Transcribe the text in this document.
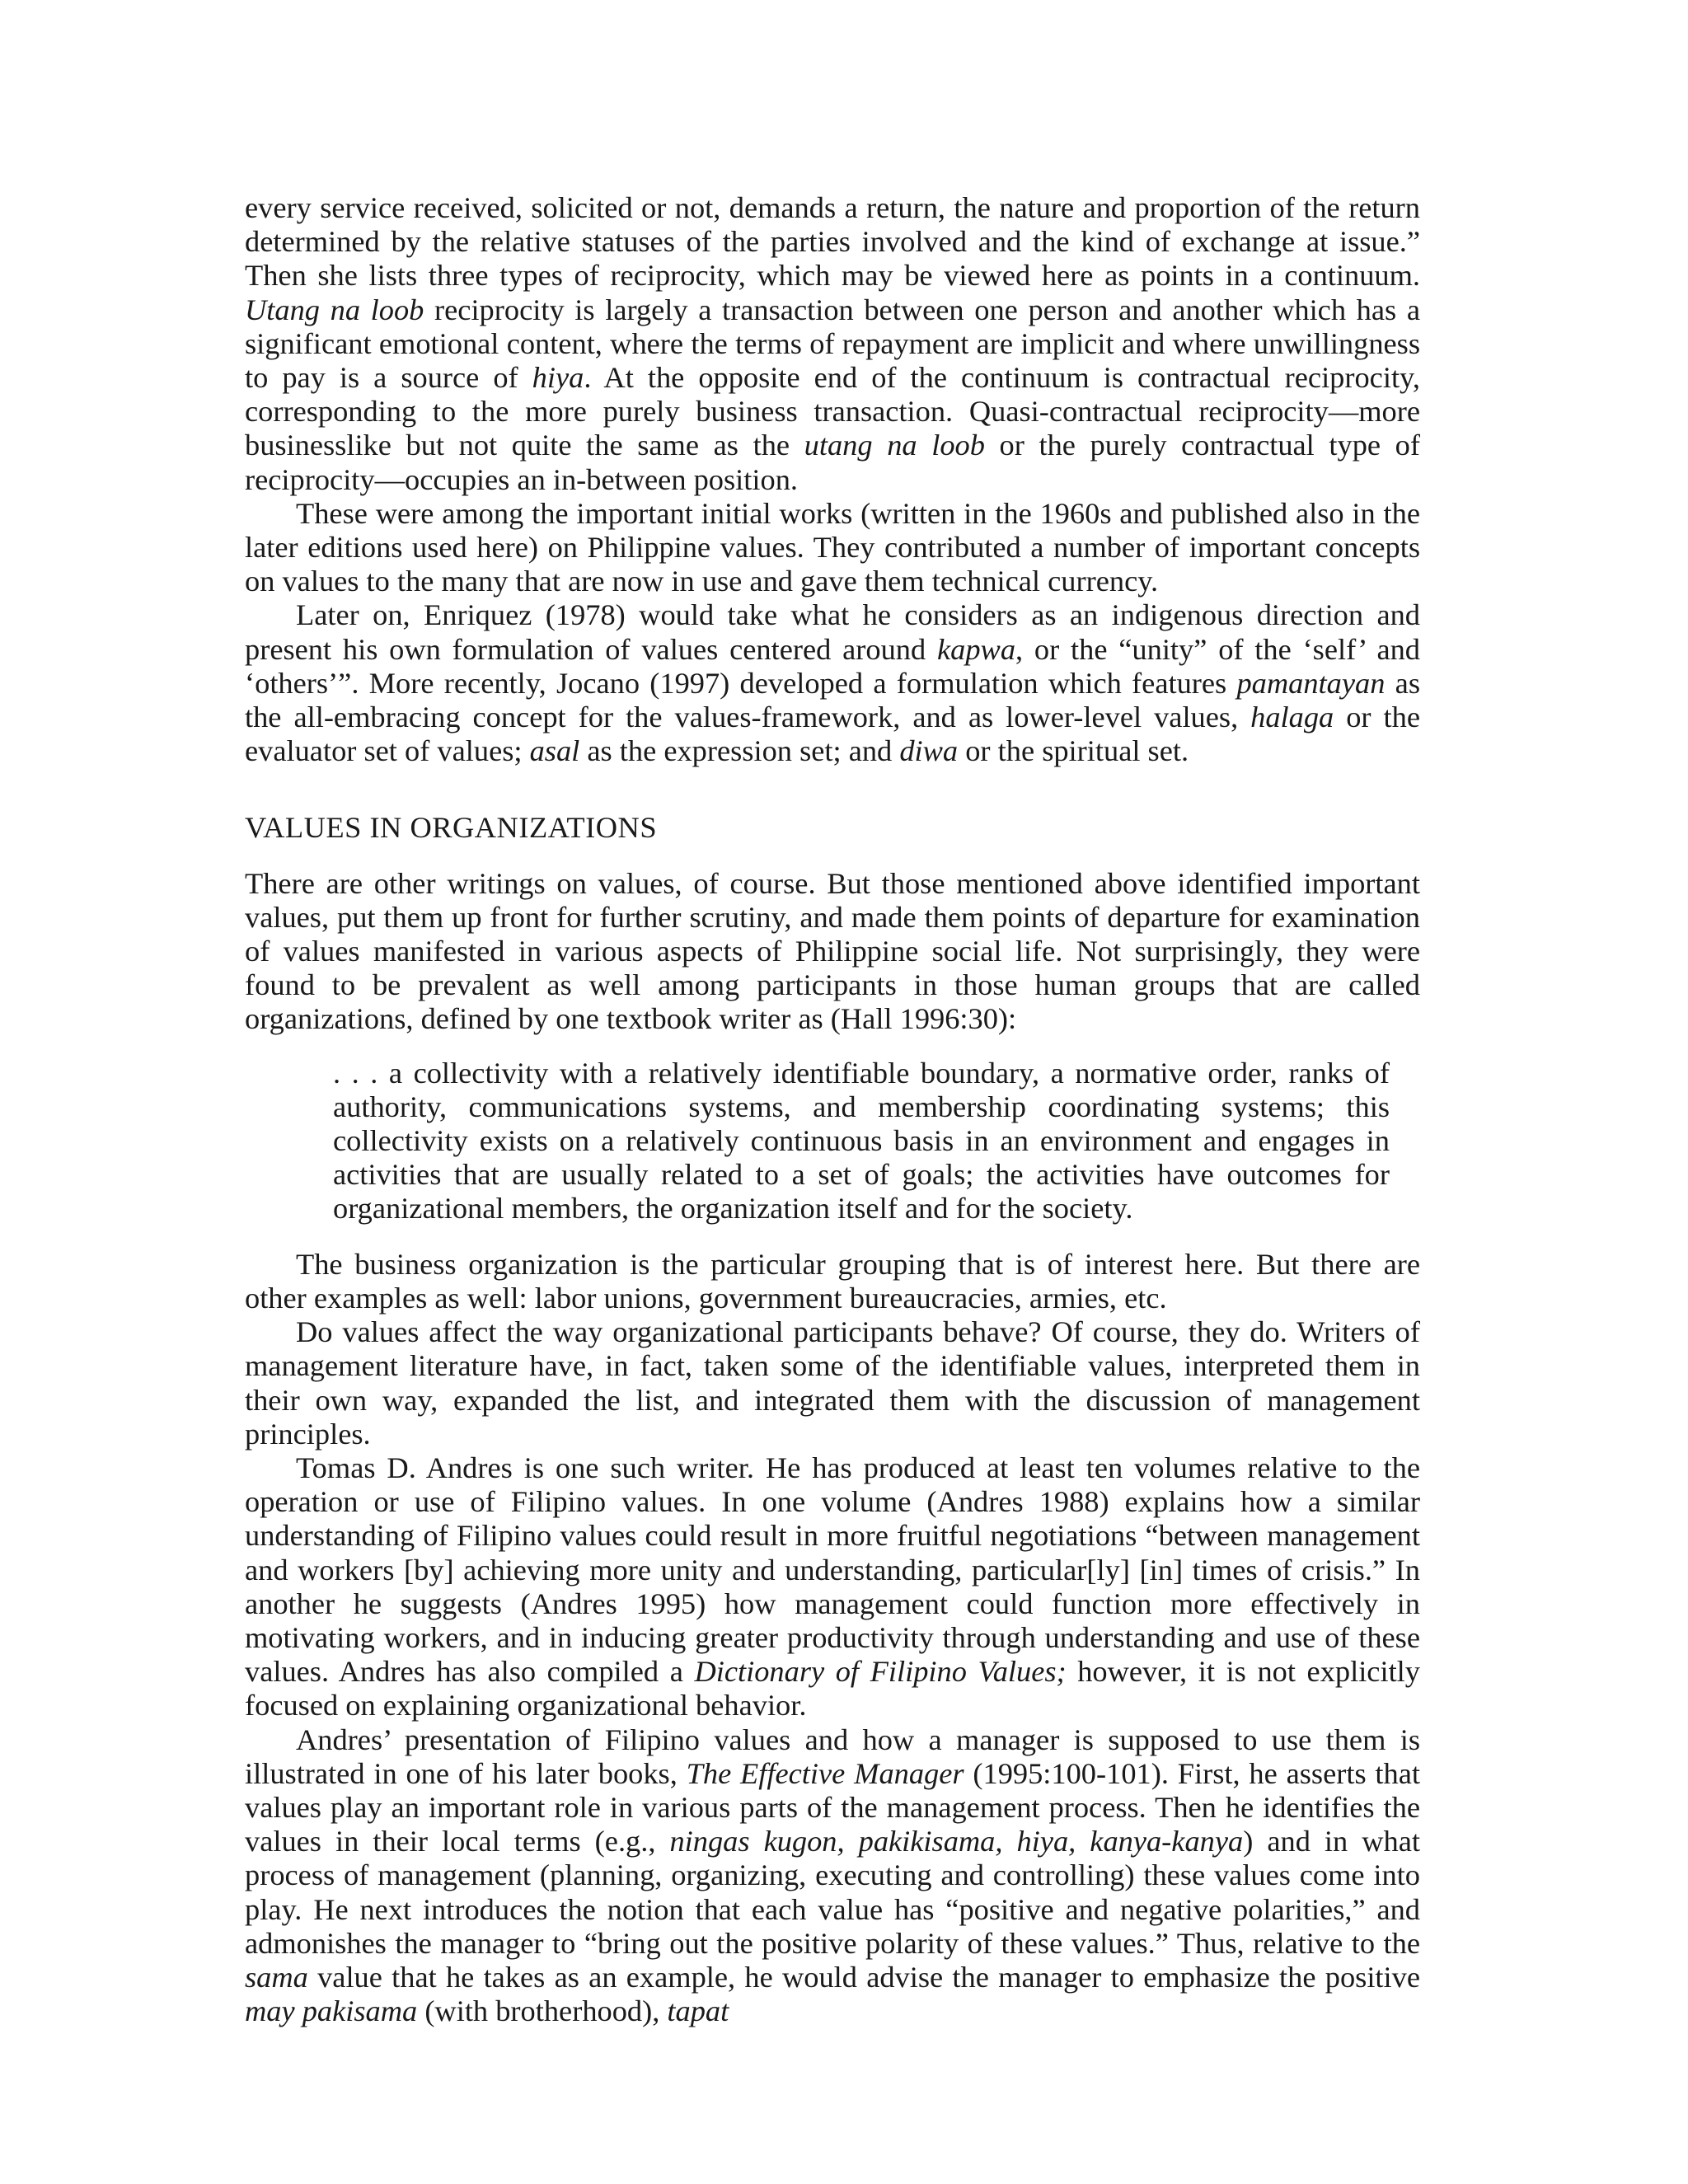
every service received, solicited or not, demands a return, the nature and proportion of the return determined by the relative statuses of the parties involved and the kind of exchange at issue.” Then she lists three types of reciprocity, which may be viewed here as points in a continuum. Utang na loob reciprocity is largely a transaction between one person and another which has a significant emotional content, where the terms of repayment are implicit and where unwillingness to pay is a source of hiya. At the opposite end of the continuum is contractual reciprocity, corresponding to the more purely business transaction. Quasi-contractual reciprocity—more businesslike but not quite the same as the utang na loob or the purely contractual type of reciprocity—occupies an in-between position.

These were among the important initial works (written in the 1960s and published also in the later editions used here) on Philippine values. They contributed a number of important concepts on values to the many that are now in use and gave them technical currency.

Later on, Enriquez (1978) would take what he considers as an indigenous direction and present his own formulation of values centered around kapwa, or the “unity” of the ‘self’ and ‘others’”. More recently, Jocano (1997) developed a formulation which features pamantayan as the all-embracing concept for the values-framework, and as lower-level values, halaga or the evaluator set of values; asal as the expression set; and diwa or the spiritual set.

VALUES IN ORGANIZATIONS

There are other writings on values, of course. But those mentioned above identified important values, put them up front for further scrutiny, and made them points of departure for examination of values manifested in various aspects of Philippine social life. Not surprisingly, they were found to be prevalent as well among participants in those human groups that are called organizations, defined by one textbook writer as (Hall 1996:30):

. . . a collectivity with a relatively identifiable boundary, a normative order, ranks of authority, communications systems, and membership coordinating systems; this collectivity exists on a relatively continuous basis in an environment and engages in activities that are usually related to a set of goals; the activities have outcomes for organizational members, the organization itself and for the society.

The business organization is the particular grouping that is of interest here. But there are other examples as well: labor unions, government bureaucracies, armies, etc.

Do values affect the way organizational participants behave? Of course, they do. Writers of management literature have, in fact, taken some of the identifiable values, interpreted them in their own way, expanded the list, and integrated them with the discussion of management principles.

Tomas D. Andres is one such writer. He has produced at least ten volumes relative to the operation or use of Filipino values. In one volume (Andres 1988) explains how a similar understanding of Filipino values could result in more fruitful negotiations “between management and workers [by] achieving more unity and understanding, particular[ly] [in] times of crisis.” In another he suggests (Andres 1995) how management could function more effectively in motivating workers, and in inducing greater productivity through understanding and use of these values. Andres has also compiled a Dictionary of Filipino Values; however, it is not explicitly focused on explaining organizational behavior.

Andres’ presentation of Filipino values and how a manager is supposed to use them is illustrated in one of his later books, The Effective Manager (1995:100-101). First, he asserts that values play an important role in various parts of the management process. Then he identifies the values in their local terms (e.g., ningas kugon, pakikisama, hiya, kanya-kanya) and in what process of management (planning, organizing, executing and controlling) these values come into play. He next introduces the notion that each value has “positive and negative polarities,” and admonishes the manager to “bring out the positive polarity of these values.” Thus, relative to the sama value that he takes as an example, he would advise the manager to emphasize the positive may pakisama (with brotherhood), tapat
